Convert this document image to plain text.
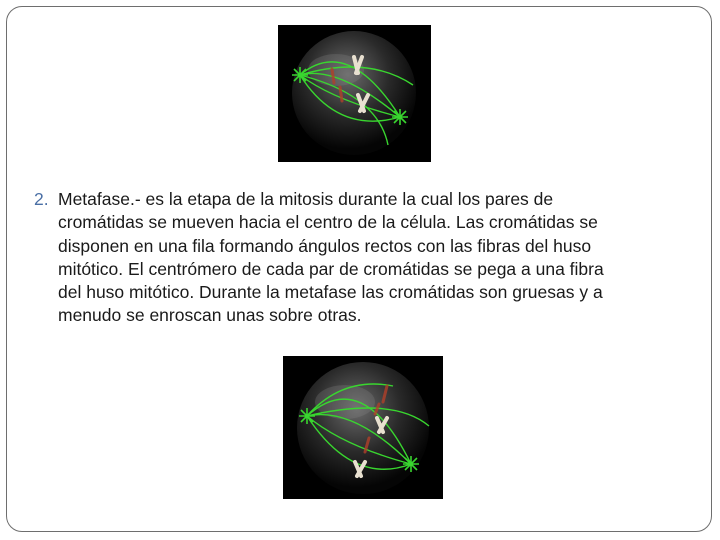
2. Metafase.- es la etapa de la mitosis durante la cual los pares de
cromátidas se mueven hacia el centro de la célula. Las cromátidas se
disponen en una fila formando ángulos rectos con las fibras del huso
mitótico. El centrómero de cada par de cromátidas se pega a una fibra
del huso mitótico. Durante la metafase las cromátidas son gruesas y a
menudo se enroscan unas sobre otras.
